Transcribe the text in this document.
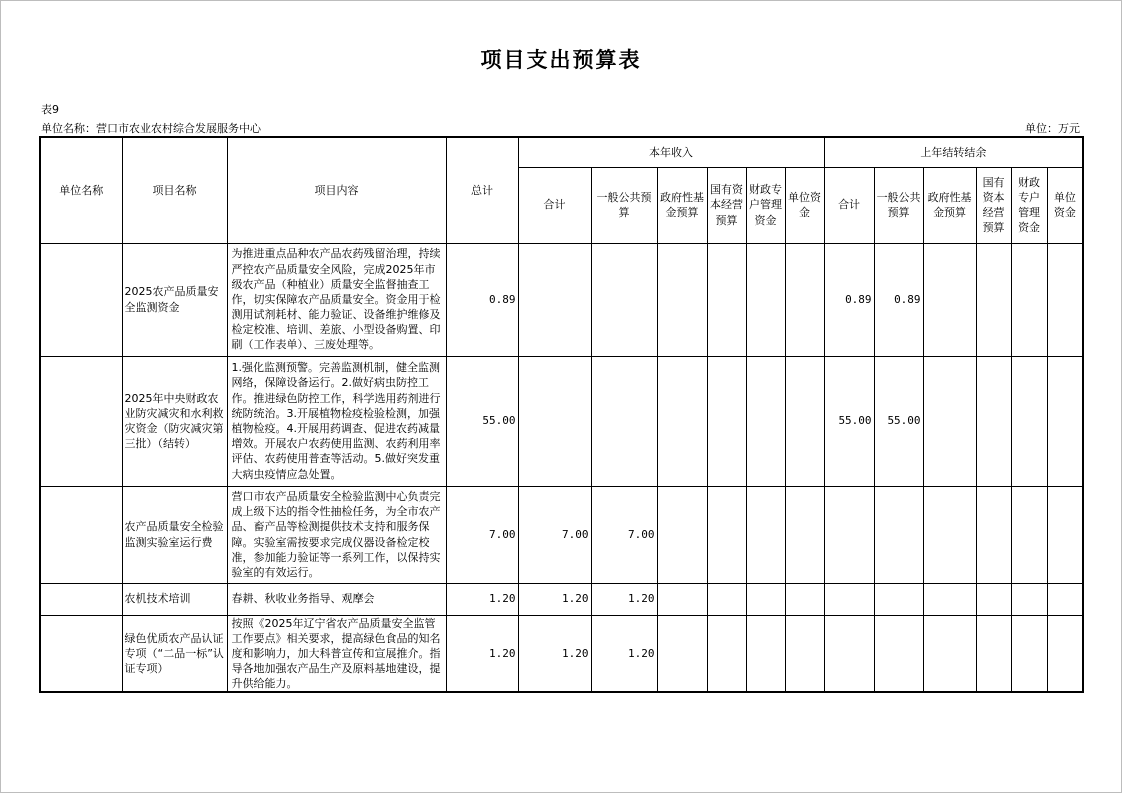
项目支出预算表
表9
单位名称：营口市农业农村综合发展服务中心	单位：万元
单位名称	项目名称	项目内容	总计	本年收入						上年结转结余					
				合计	一般公共预算	政府性基金预算	国有资本经营预算	财政专户管理资金	单位资金	合计	一般公共预算	政府性基金预算	国有资本经营预算	财政专户管理资金	单位资金
	2025农产品质量安全监测资金	为推进重点品种农产品农药残留治理，持续严控农产品质量安全风险，完成2025年市级农产品（种植业）质量安全监督抽查工作，切实保障农产品质量安全。资金用于检测用试剂耗材、能力验证、设备维护维修及检定校准、培训、差旅、小型设备购置、印刷（工作表单）、三废处理等。	0.89							0.89	0.89				
	2025年中央财政农业防灾减灾和水利救灾资金（防灾减灾第三批）（结转）	1.强化监测预警。完善监测机制，健全监测网络，保障设备运行。2.做好病虫防控工作。推进绿色防控工作，科学选用药剂进行统防统治。3.开展植物检疫检验检测，加强植物检疫。4.开展用药调查、促进农药减量增效。开展农户农药使用监测、农药利用率评估、农药使用普查等活动。5.做好突发重大病虫疫情应急处置。	55.00							55.00	55.00				
	农产品质量安全检验监测实验室运行费	营口市农产品质量安全检验监测中心负责完成上级下达的指令性抽检任务，为全市农产品、畜产品等检测提供技术支持和服务保障。实验室需按要求完成仪器设备检定校准，参加能力验证等一系列工作，以保持实验室的有效运行。	7.00	7.00	7.00										
	农机技术培训	春耕、秋收业务指导、观摩会	1.20	1.20	1.20										
	绿色优质农产品认证专项（“二品一标”认证专项）	按照《2025年辽宁省农产品质量安全监管工作要点》相关要求，提高绿色食品的知名度和影响力，加大科普宣传和宣展推介。指导各地加强农产品生产及原料基地建设，提升供给能力。	1.20	1.20	1.20										
